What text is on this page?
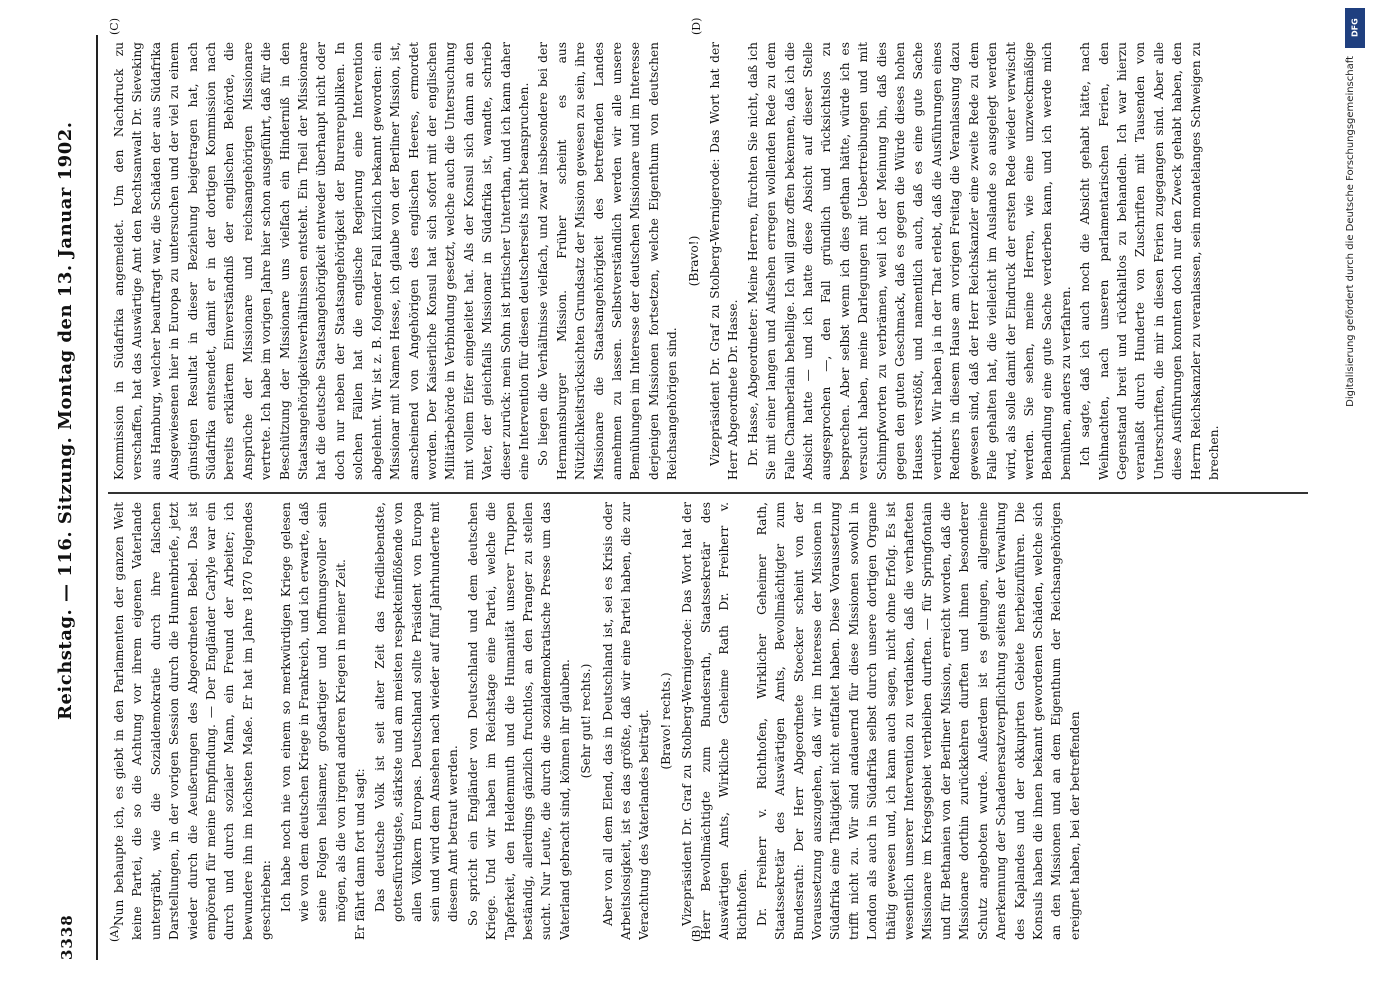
3338
Reichstag. — 116. Sitzung. Montag den 13. Januar 1902.
(A)	(B)
(C)	(D)

Nun behaupte ich, es giebt in den Parlamenten der ganzen Welt keine Partei, die so die Achtung vor ihrem eigenen Vaterlande untergräbt, wie die Sozialdemokratie durch ihre falschen Darstellungen, in der vorigen Session durch die Hunnenbriefe, jetzt wieder durch die Aeußerungen des Abgeordneten Bebel. Das ist empörend für meine Empfindung. — Der Engländer Carlyle war ein durch und durch sozialer Mann, ein Freund der Arbeiter; ich bewundere ihn im höchsten Maße. Er hat im Jahre 1870 Folgendes geschrieben: Ich habe noch nie von einem so merkwürdigen Kriege gelesen wie von dem deutschen Kriege in Frankreich, und ich erwarte, daß seine Folgen heilsamer, großartiger und hoffnungsvoller sein mögen, als die von irgend anderen Kriegen in meiner Zeit. Er fährt dann fort und sagt: Das deutsche Volk ist seit alter Zeit das friedliebendste, gottesfürchtigste, stärkste und am meisten respekteinflößende von allen Völkern Europas. Deutschland sollte Präsident von Europa sein und wird dem Ansehen nach wieder auf fünf Jahrhunderte mit diesem Amt betraut werden. So spricht ein Engländer von Deutschland und dem deutschen Kriege. Und wir haben im Reichstage eine Partei, welche die Tapferkeit, den Heldenmuth und die Humanität unserer Truppen beständig, allerdings gänzlich fruchtlos, an den Pranger zu stellen sucht. Nur Leute, die durch die sozialdemokratische Presse um das Vaterland gebracht sind, können ihr glauben. (Sehr gut! rechts.) Aber von all dem Elend, das in Deutschland ist, sei es Krisis oder Arbeitslosigkeit, ist es das größte, daß wir eine Partei haben, die zur Verachtung des Vaterlandes beiträgt. (Bravo! rechts.) Vizepräsident Dr. Graf zu Stolberg-Wernigerode: Das Wort hat der Herr Bevollmächtigte zum Bundesrath, Staatssekretär des Auswärtigen Amts, Wirkliche Geheime Rath Dr. Freiherr v. Richthofen. Dr. Freiherr v. Richthofen, Wirklicher Geheimer Rath, Staatssekretär des Auswärtigen Amts, Bevollmächtigter zum Bundesrath: Der Herr Abgeordnete Stoecker scheint von der Voraussetzung auszugehen, daß wir im Interesse der Missionen in Südafrika eine Thätigkeit nicht entfaltet haben. Diese Voraussetzung trifft nicht zu. Wir sind andauernd für diese Missionen sowohl in London als auch in Südafrika selbst durch unsere dortigen Organe thätig gewesen und, ich kann auch sagen, nicht ohne Erfolg. Es ist wesentlich unserer Intervention zu verdanken, daß die verhafteten Missionare im Kriegsgebiet verbleiben durften. — für Springfontain und für Bethanien von der Berliner Mission, erreicht worden, daß die Missionare dorthin zurückkehren durften und ihnen besonderer Schutz angeboten wurde. Außerdem ist es gelungen, allgemeine Anerkennung der Schadenersatzverpflichtung seitens der Verwaltung des Kaplandes und der okkupirten Gebiete herbeizuführen. Die Konsuls haben die ihnen bekannt gewordenen Schäden, welche sich an den Missionen und an dem Eigenthum der Reichsangehörigen ereignet haben, bei der betreffenden

Kommission in Südafrika angemeldet. Um den Nachdruck zu verschaffen, hat das Auswärtige Amt den Rechtsanwalt Dr. Sieveking aus Hamburg, welcher beauftragt war, die Schäden der aus Südafrika Ausgewiesenen hier in Europa zu untersuchen und der viel zu einem günstigen Resultat in dieser Beziehung beigetragen hat, nach Südafrika entsendet, damit er in der dortigen Kommission nach bereits erklärtem Einverständniß der englischen Behörde, die Ansprüche der Missionare und reichsangehörigen Missionare vertrete. Ich habe im vorigen Jahre hier schon ausgeführt, daß für die Beschützung der Missionare uns vielfach ein Hinderniß in den Staatsangehörigkeitsverhältnissen entsteht. Ein Theil der Missionare hat die deutsche Staatsangehörigkeit entweder überhaupt nicht oder doch nur neben der Staatsangehörigkeit der Burenrepubliken. In solchen Fällen hat die englische Regierung eine Intervention abgelehnt. Wir ist z. B. folgender Fall kürzlich bekannt geworden: ein Missionar mit Namen Hesse, ich glaube von der Berliner Mission, ist, anscheinend von Angehörigen des englischen Heeres, ermordet worden. Der Kaiserliche Konsul hat sich sofort mit der englischen Militärbehörde in Verbindung gesetzt, welche auch die Untersuchung mit vollem Eifer eingeleitet hat. Als der Konsul sich dann an den Vater, der gleichfalls Missionar in Südafrika ist, wandte, schrieb dieser zurück: mein Sohn ist britischer Unterthan, und ich kann daher eine Intervention für diesen deutscherseits nicht beanspruchen. So liegen die Verhältnisse vielfach, und zwar insbesondere bei der Hermannsburger Mission. Früher scheint es aus Nützlichkeitsrücksichten Grundsatz der Mission gewesen zu sein, ihre Missionare die Staatsangehörigkeit des betreffenden Landes annehmen zu lassen. Selbstverständlich werden wir alle unsere Bemühungen im Interesse der deutschen Missionare und im Interesse derjenigen Missionen fortsetzen, welche Eigenthum von deutschen Reichsangehörigen sind.

(Bravo!) Vizepräsident Dr. Graf zu Stolberg-Wernigerode: Das Wort hat der Herr Abgeordnete Dr. Hasse. Dr. Hasse, Abgeordneter: Meine Herren, fürchten Sie nicht, daß ich Sie mit einer langen und Aufsehen erregen wollenden Rede zu dem Falle Chamberlain behellige. Ich will ganz offen bekennen, daß ich die Absicht hatte — und ich hatte diese Absicht auf dieser Stelle ausgesprochen —, den Fall gründlich und rücksichtslos zu besprechen. Aber selbst wenn ich dies gethan hätte, würde ich es versucht haben, meine Darlegungen mit Uebertreibungen und mit Schimpfworten zu verbrämen, weil ich der Meinung bin, daß dies gegen den guten Geschmack, daß es gegen die Würde dieses hohen Hauses verstößt, und namentlich auch, daß es eine gute Sache verdirbt. Wir haben ja in der That erlebt, daß die Ausführungen eines Redners in diesem Hause am vorigen Freitag die Veranlassung dazu gewesen sind, daß der Herr Reichskanzler eine zweite Rede zu dem Falle gehalten hat, die vielleicht im Auslande so ausgelegt werden wird, als solle damit der Eindruck der ersten Rede wieder verwischt werden. Sie sehen, meine Herren, wie eine unzweckmäßige Behandlung eine gute Sache verderben kann, und ich werde mich bemühen, anders zu verfahren. Ich sagte, daß ich auch noch die Absicht gehabt hätte, nach Weihnachten, nach unseren parlamentarischen Ferien, den Gegenstand breit und rückhaltlos zu behandeln. Ich war hierzu veranlaßt durch Hunderte von Zuschriften mit Tausenden von Unterschriften, die mir in diesen Ferien zugegangen sind. Aber alle diese Ausführungen konnten doch nur den Zweck gehabt haben, den Herrn Reichskanzler zu veranlassen, sein monatelanges Schweigen zu brechen.

DFG
Digitalisierung gefördert durch die Deutsche Forschungsgemeinschaft
